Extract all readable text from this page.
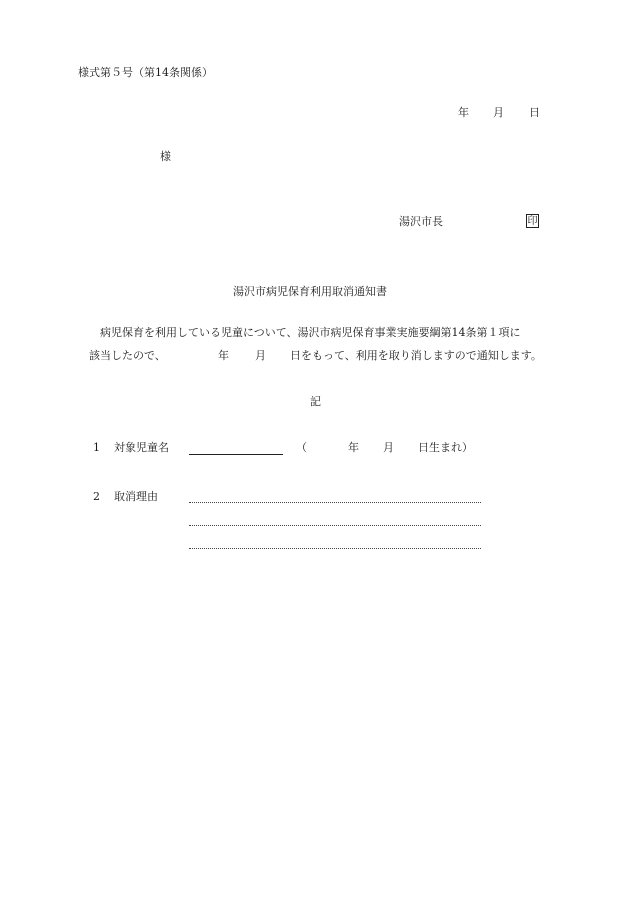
様式第５号（第14条関係）
年 月 日
様
湯沢市長	印
湯沢市病児保育利用取消通知書
病児保育を利用している児童について、湯沢市病児保育事業実施要綱第14条第１項に
該当したので、	年 月 日をもって、利用を取り消しますので通知します。
記
1 対象児童名	（	年 月 日生まれ）
2 取消理由
